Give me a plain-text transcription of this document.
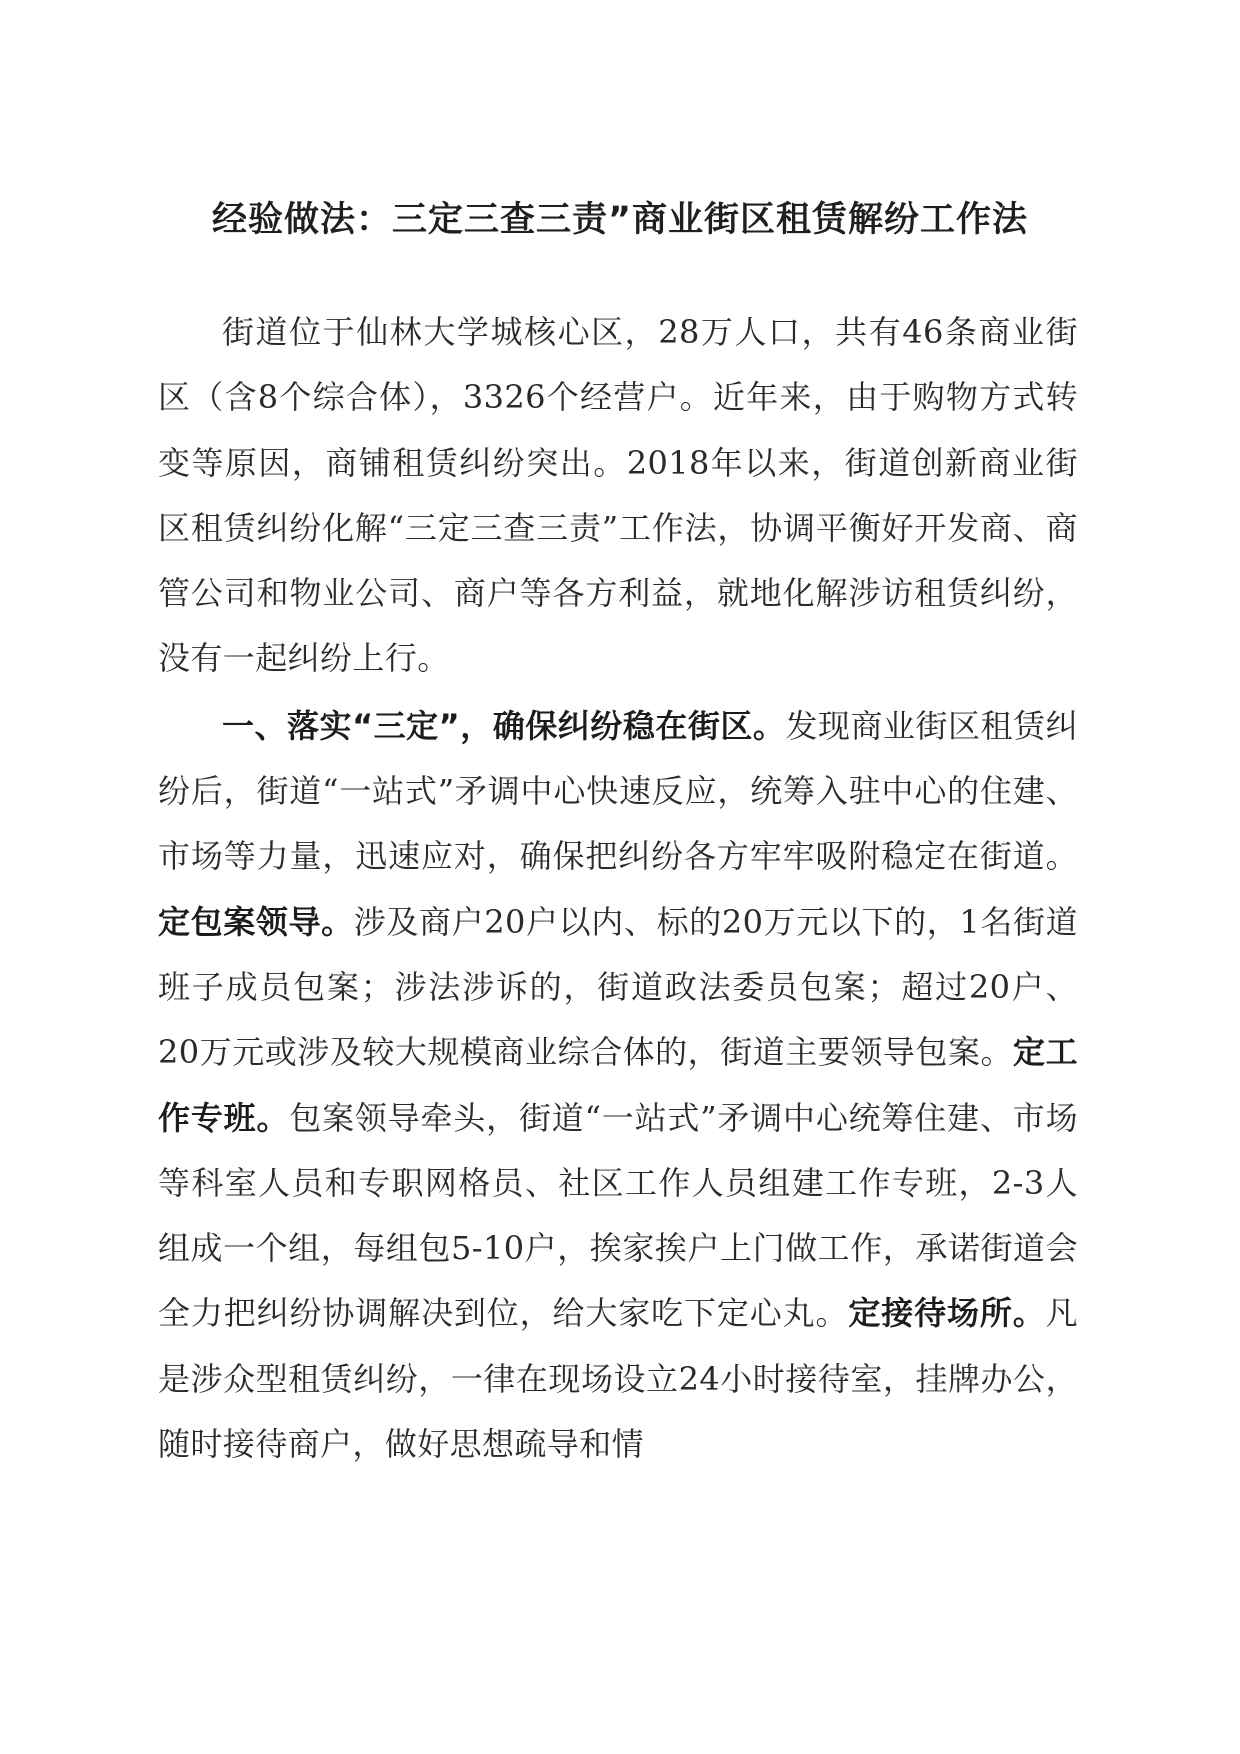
经验做法：三定三查三责”商业街区租赁解纷工作法

街道位于仙林大学城核心区，28万人口，共有46条商业街区（含8个综合体），3326个经营户。近年来，由于购物方式转变等原因，商铺租赁纠纷突出。2018年以来，街道创新商业街区租赁纠纷化解“三定三查三责”工作法，协调平衡好开发商、商管公司和物业公司、商户等各方利益，就地化解涉访租赁纠纷，没有一起纠纷上行。

一、落实“三定”，确保纠纷稳在街区。发现商业街区租赁纠纷后，街道“一站式”矛调中心快速反应，统筹入驻中心的住建、市场等力量，迅速应对，确保把纠纷各方牢牢吸附稳定在街道。定包案领导。涉及商户20户以内、标的20万元以下的，1名街道班子成员包案；涉法涉诉的，街道政法委员包案；超过20户、20万元或涉及较大规模商业综合体的，街道主要领导包案。定工作专班。包案领导牵头，街道“一站式”矛调中心统筹住建、市场等科室人员和专职网格员、社区工作人员组建工作专班，2-3人组成一个组，每组包5-10户，挨家挨户上门做工作，承诺街道会全力把纠纷协调解决到位，给大家吃下定心丸。定接待场所。凡是涉众型租赁纠纷，一律在现场设立24小时接待室，挂牌办公，随时接待商户，做好思想疏导和情
